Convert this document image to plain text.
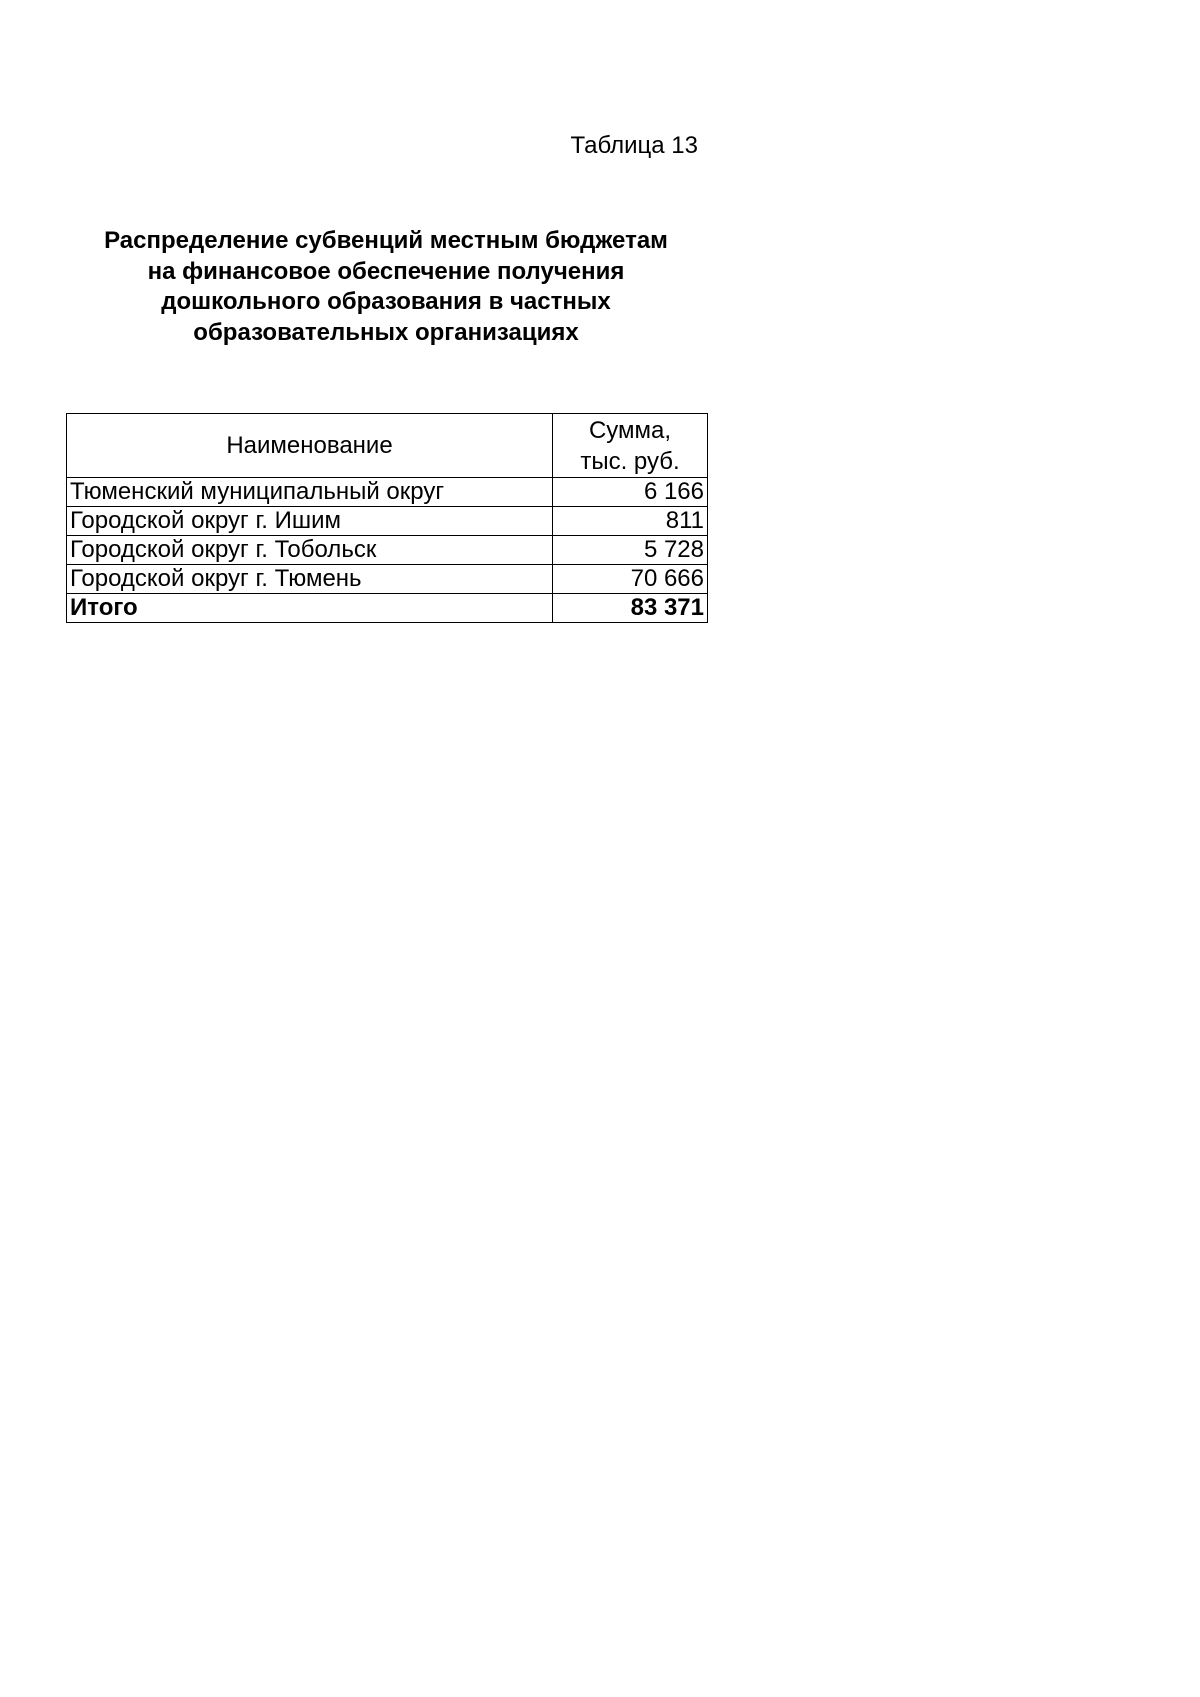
Таблица 13
Распределение субвенций местным бюджетам
на финансовое обеспечение получения
дошкольного образования в частных
образовательных организациях
Наименование	Сумма,
тыс. руб.
Тюменский муниципальный округ	6 166
Городской округ г. Ишим	811
Городской округ г. Тобольск	5 728
Городской округ г. Тюмень	70 666
Итого	83 371
